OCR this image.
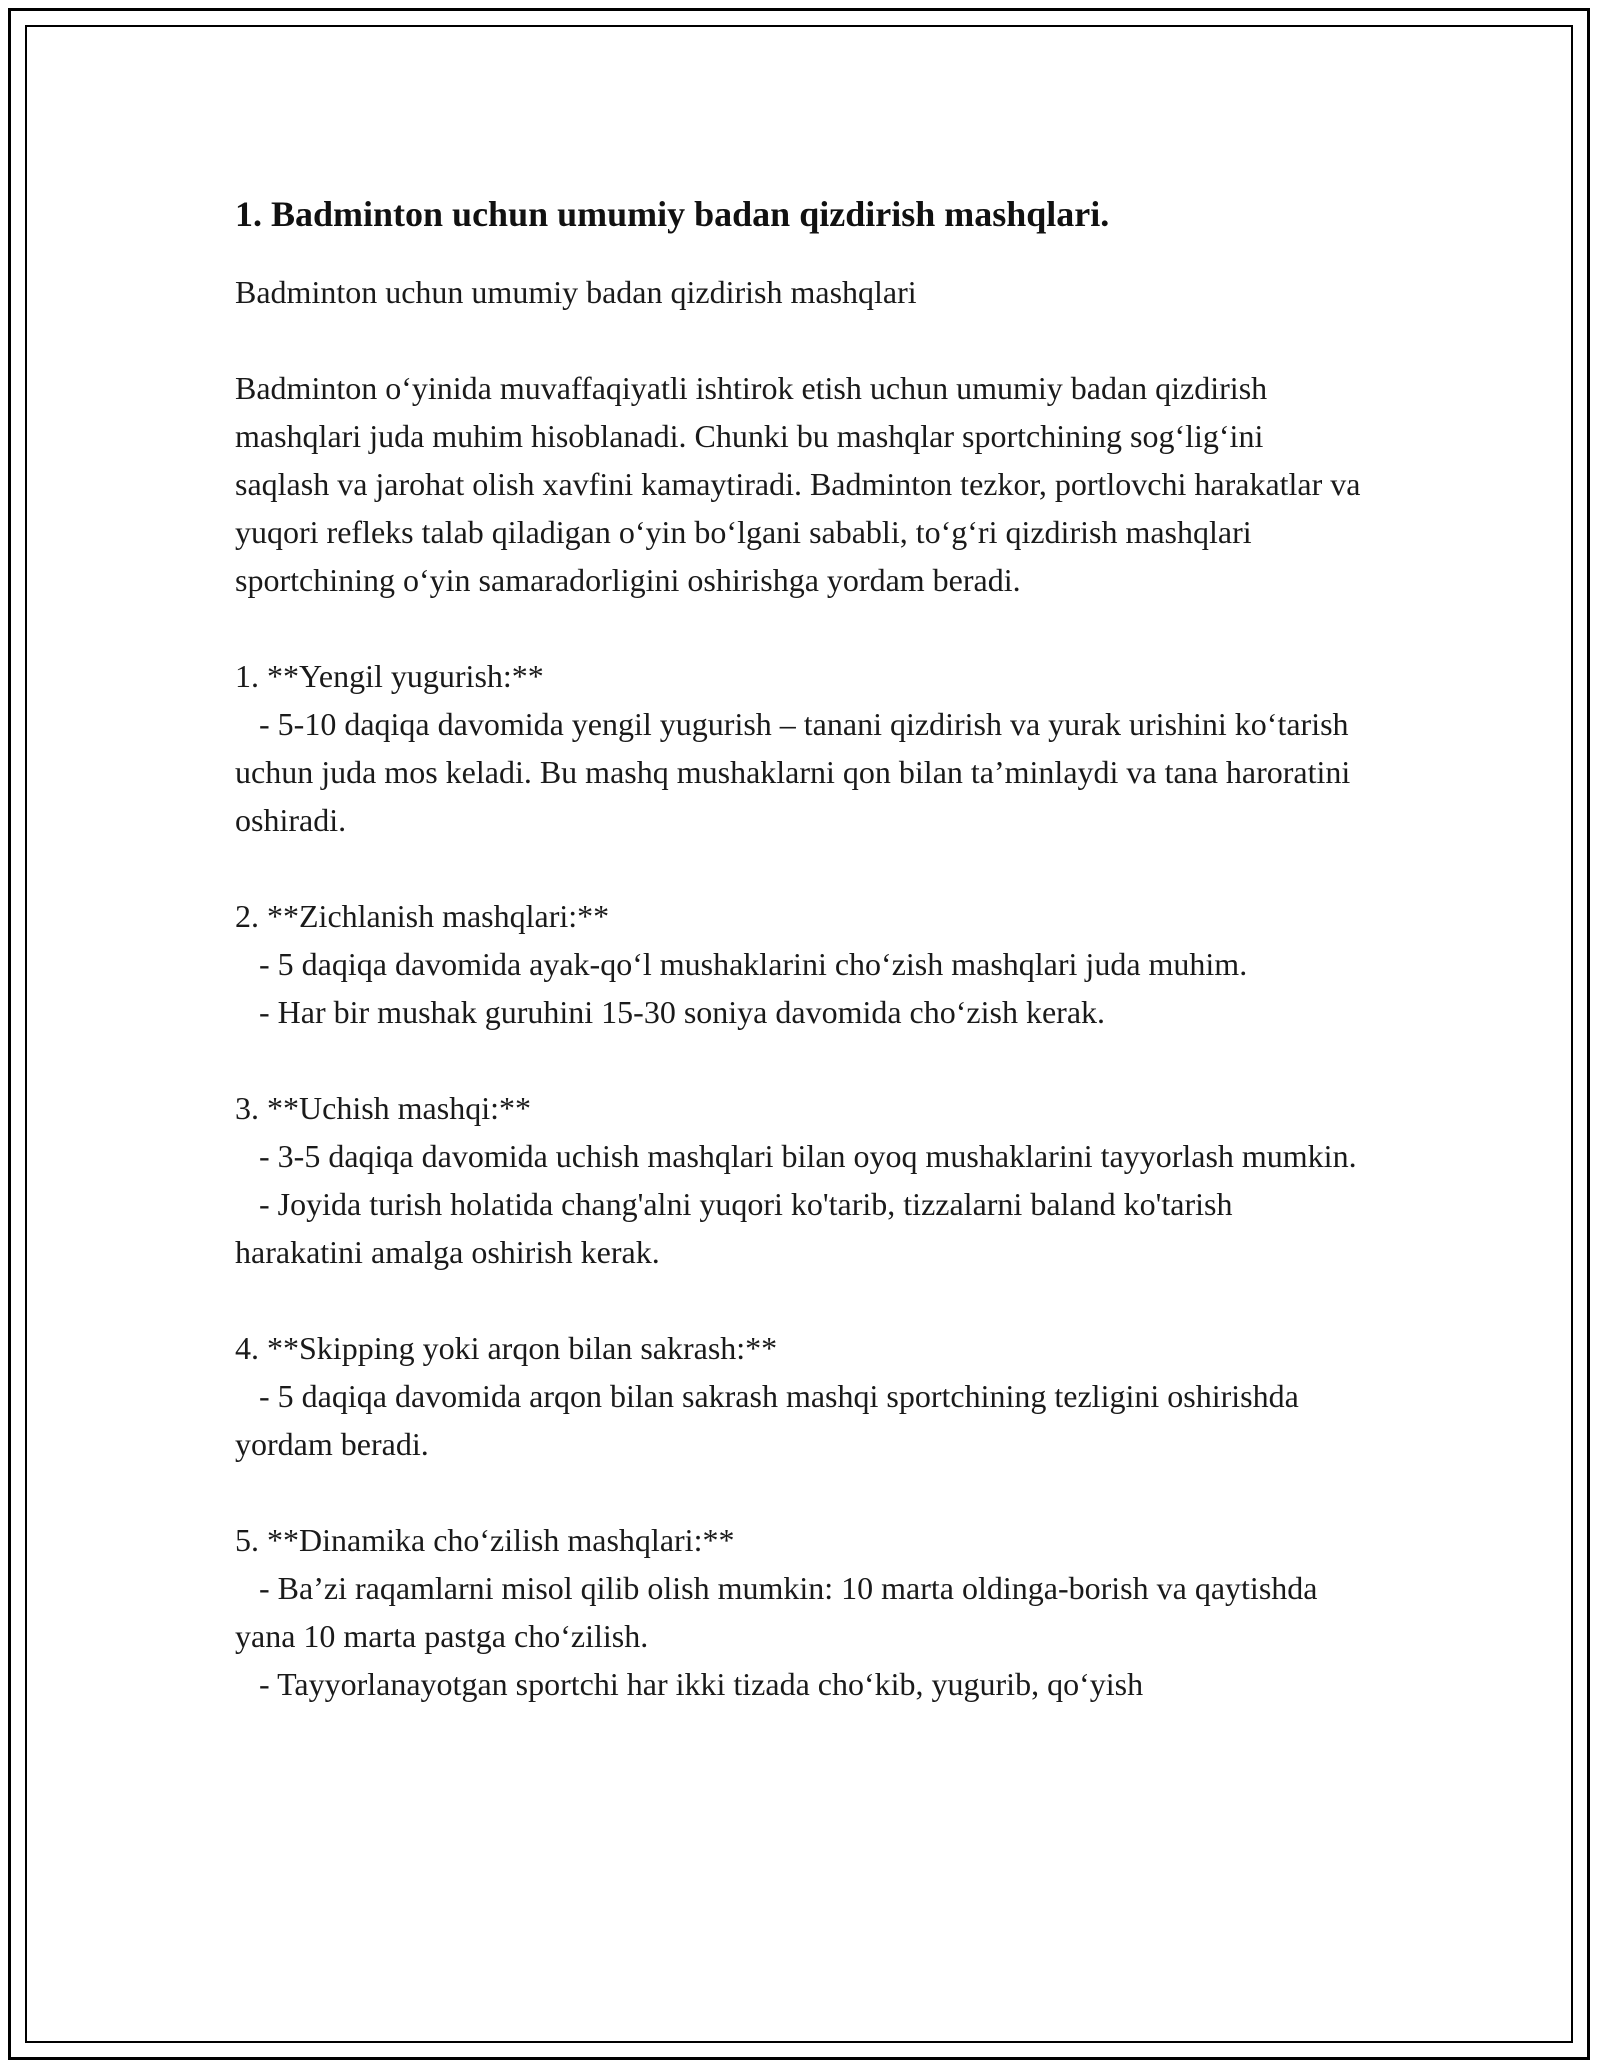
1. Badminton uchun umumiy badan qizdirish mashqlari.

Badminton uchun umumiy badan qizdirish mashqlari

Badminton o‘yinida muvaffaqiyatli ishtirok etish uchun umumiy badan qizdirish mashqlari juda muhim hisoblanadi. Chunki bu mashqlar sportchining sog‘lig‘ini saqlash va jarohat olish xavfini kamaytiradi. Badminton tezkor, portlovchi harakatlar va yuqori refleks talab qiladigan o‘yin bo‘lgani sababli, to‘g‘ri qizdirish mashqlari sportchining o‘yin samaradorligini oshirishga yordam beradi.

1. **Yengil yugurish:**

- 5-10 daqiqa davomida yengil yugurish – tanani qizdirish va yurak urishini ko‘tarish uchun juda mos keladi. Bu mashq mushaklarni qon bilan ta’minlaydi va tana haroratini oshiradi.

2. **Zichlanish mashqlari:**

- 5 daqiqa davomida ayak-qo‘l mushaklarini cho‘zish mashqlari juda muhim.

- Har bir mushak guruhini 15-30 soniya davomida cho‘zish kerak.

3. **Uchish mashqi:**

- 3-5 daqiqa davomida uchish mashqlari bilan oyoq mushaklarini tayyorlash mumkin.

- Joyida turish holatida chang'alni yuqori ko'tarib, tizzalarni baland ko'tarish harakatini amalga oshirish kerak.

4. **Skipping yoki arqon bilan sakrash:**

- 5 daqiqa davomida arqon bilan sakrash mashqi sportchining tezligini oshirishda yordam beradi.

5. **Dinamika cho‘zilish mashqlari:**

- Ba’zi raqamlarni misol qilib olish mumkin: 10 marta oldinga-borish va qaytishda yana 10 marta pastga cho‘zilish.

- Tayyorlanayotgan sportchi har ikki tizada cho‘kib, yugurib, qo‘yish
